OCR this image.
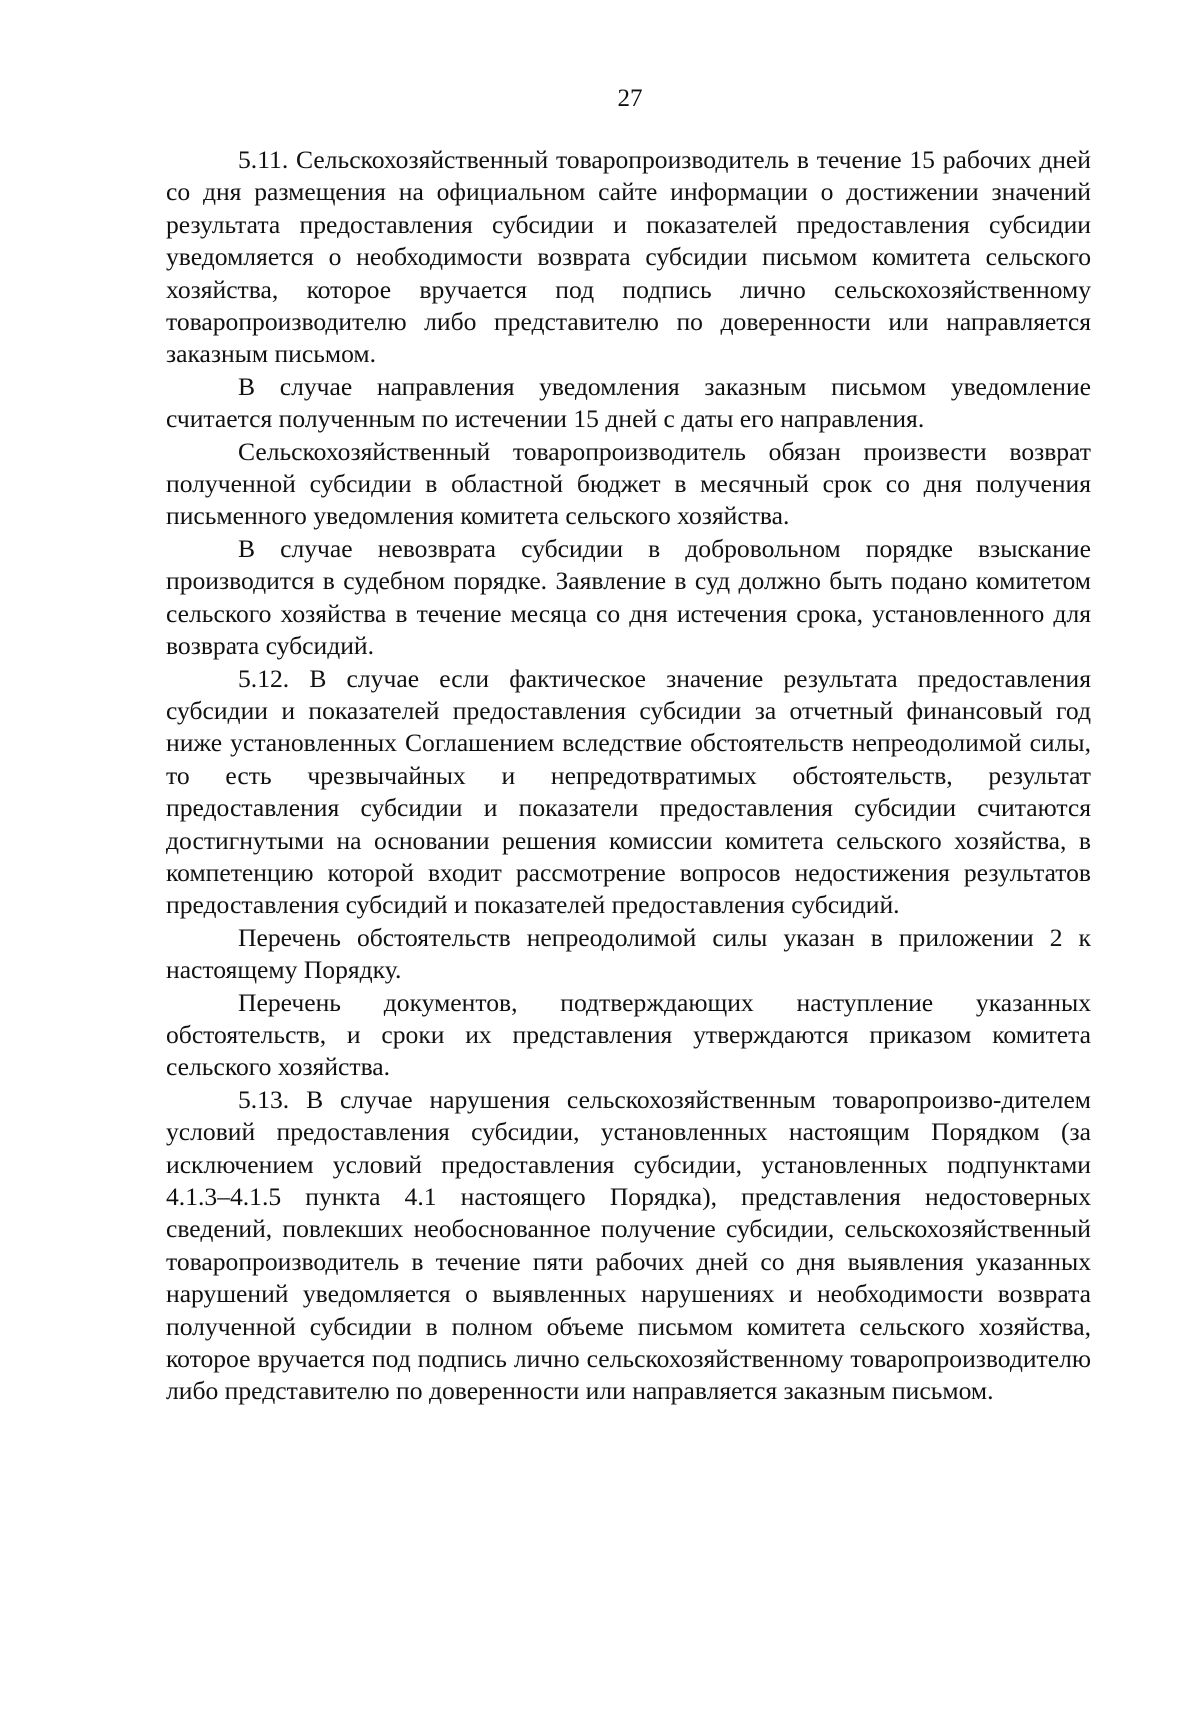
27

5.11. Сельскохозяйственный товаропроизводитель в течение 15 рабочих дней со дня размещения на официальном сайте информации о достижении значений результата предоставления субсидии и показателей предоставления субсидии уведомляется о необходимости возврата субсидии письмом комитета сельского хозяйства, которое вручается под подпись лично сельскохозяйственному товаропроизводителю либо представителю по доверенности или направляется заказным письмом.

В случае направления уведомления заказным письмом уведомление считается полученным по истечении 15 дней с даты его направления.

Сельскохозяйственный товаропроизводитель обязан произвести возврат полученной субсидии в областной бюджет в месячный срок со дня получения письменного уведомления комитета сельского хозяйства.

В случае невозврата субсидии в добровольном порядке взыскание производится в судебном порядке. Заявление в суд должно быть подано комитетом сельского хозяйства в течение месяца со дня истечения срока, установленного для возврата субсидий.

5.12. В случае если фактическое значение результата предоставления субсидии и показателей предоставления субсидии за отчетный финансовый год ниже установленных Соглашением вследствие обстоятельств непреодолимой силы, то есть чрезвычайных и непредотвратимых обстоятельств, результат предоставления субсидии и показатели предоставления субсидии считаются достигнутыми на основании решения комиссии комитета сельского хозяйства, в компетенцию которой входит рассмотрение вопросов недостижения результатов предоставления субсидий и показателей предоставления субсидий.

Перечень обстоятельств непреодолимой силы указан в приложении 2 к настоящему Порядку.

Перечень документов, подтверждающих наступление указанных обстоятельств, и сроки их представления утверждаются приказом комитета сельского хозяйства.

5.13. В случае нарушения сельскохозяйственным товаропроизво-дителем условий предоставления субсидии, установленных настоящим Порядком (за исключением условий предоставления субсидии, установленных подпунктами 4.1.3–4.1.5 пункта 4.1 настоящего Порядка), представления недостоверных сведений, повлекших необоснованное получение субсидии, сельскохозяйственный товаропроизводитель в течение пяти рабочих дней со дня выявления указанных нарушений уведомляется о выявленных нарушениях и необходимости возврата полученной субсидии в полном объеме письмом комитета сельского хозяйства, которое вручается под подпись лично сельскохозяйственному товаропроизводителю либо представителю по доверенности или направляется заказным письмом.
